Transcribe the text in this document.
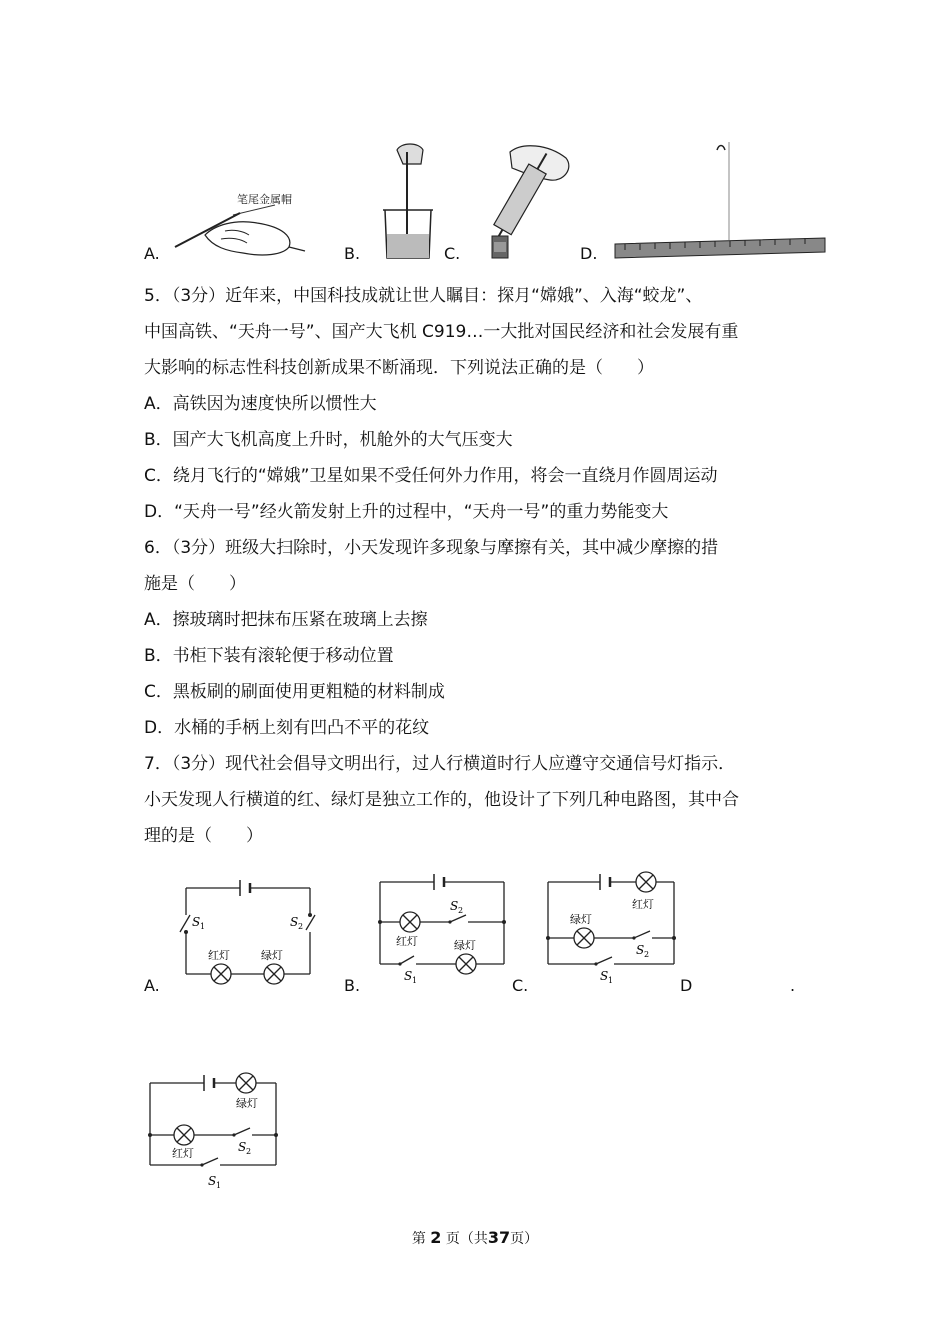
A.
笔尾金属帽
B.	C.	D.
5．（3分）近年来，中国科技成就让世人瞩目：探月“嫦娥”、入海“蛟龙”、
中国高铁、“天舟一号”、国产大飞机 C919…一大批对国民经济和社会发展有重
大影响的标志性科技创新成果不断涌现．下列说法正确的是（　　）
A．高铁因为速度快所以惯性大
B．国产大飞机高度上升时，机舱外的大气压变大
C．绕月飞行的“嫦娥”卫星如果不受任何外力作用，将会一直绕月作圆周运动
D．“天舟一号”经火箭发射上升的过程中，“天舟一号”的重力势能变大
6．（3分）班级大扫除时，小天发现许多现象与摩擦有关，其中减少摩擦的措
施是（　　）
A．擦玻璃时把抹布压紧在玻璃上去擦
B．书柜下装有滚轮便于移动位置
C．黑板刷的刷面使用更粗糙的材料制成
D．水桶的手柄上刻有凹凸不平的花纹
7．（3分）现代社会倡导文明出行，过人行横道时行人应遵守交通信号灯指示．
小天发现人行横道的红、绿灯是独立工作的，他设计了下列几种电路图，其中合
理的是（　　）
A.
S 1	S 2
红灯	绿灯
B.
S 2
红灯	绿灯
S 1	C.
红灯
绿灯
S 2
S 1	D	.
绿灯
红灯	S 2
S 1
第 2 页（共37页）
